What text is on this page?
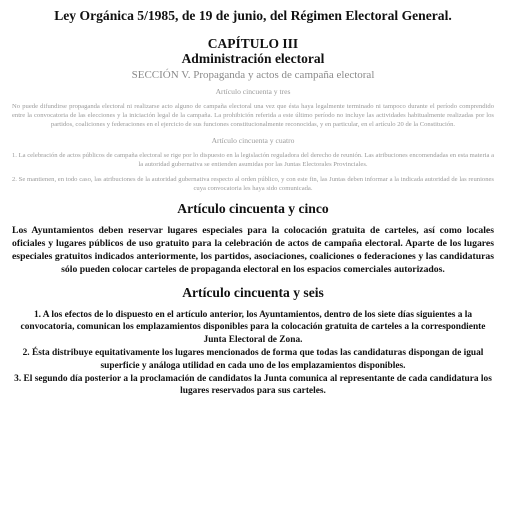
Ley Orgánica 5/1985, de 19 de junio, del Régimen Electoral General.
CAPÍTULO III
Administración electoral
SECCIÓN V. Propaganda y actos de campaña electoral
Artículo cincuenta y tres

No puede difundirse propaganda electoral ni realizarse acto alguno de campaña electoral una vez que ésta haya legalmente terminado ni tampoco durante el período comprendido entre la convocatoria de las elecciones y la iniciación legal de la campaña. La prohibición referida a este último período no incluye las actividades habitualmente realizadas por los partidos, coaliciones y federaciones en el ejercicio de sus funciones constitucionalmente reconocidas, y en particular, en el artículo 20 de la Constitución.

Artículo cincuenta y cuatro

1. La celebración de actos públicos de campaña electoral se rige por lo dispuesto en la legislación reguladora del derecho de reunión. Las atribuciones encomendadas en esta materia a la autoridad gubernativa se entienden asumidas por las Juntas Electorales Provinciales.

2. Se mantienen, en todo caso, las atribuciones de la autoridad gubernativa respecto al orden público, y con este fin, las Juntas deben informar a la indicada autoridad de las reuniones cuya convocatoria les haya sido comunicada.

Artículo cincuenta y cinco

Los Ayuntamientos deben reservar lugares especiales para la colocación gratuita de carteles, así como locales oficiales y lugares públicos de uso gratuito para la celebración de actos de campaña electoral. Aparte de los lugares especiales gratuitos indicados anteriormente, los partidos, asociaciones, coaliciones o federaciones y las candidaturas sólo pueden colocar carteles de propaganda electoral en los espacios comerciales autorizados.

Artículo cincuenta y seis

1. A los efectos de lo dispuesto en el artículo anterior, los Ayuntamientos, dentro de los siete días siguientes a la convocatoria, comunican los emplazamientos disponibles para la colocación gratuita de carteles a la correspondiente Junta Electoral de Zona.

2. Ésta distribuye equitativamente los lugares mencionados de forma que todas las candidaturas dispongan de igual superficie y análoga utilidad en cada uno de los emplazamientos disponibles.

3. El segundo día posterior a la proclamación de candidatos la Junta comunica al representante de cada candidatura los lugares reservados para sus carteles.
